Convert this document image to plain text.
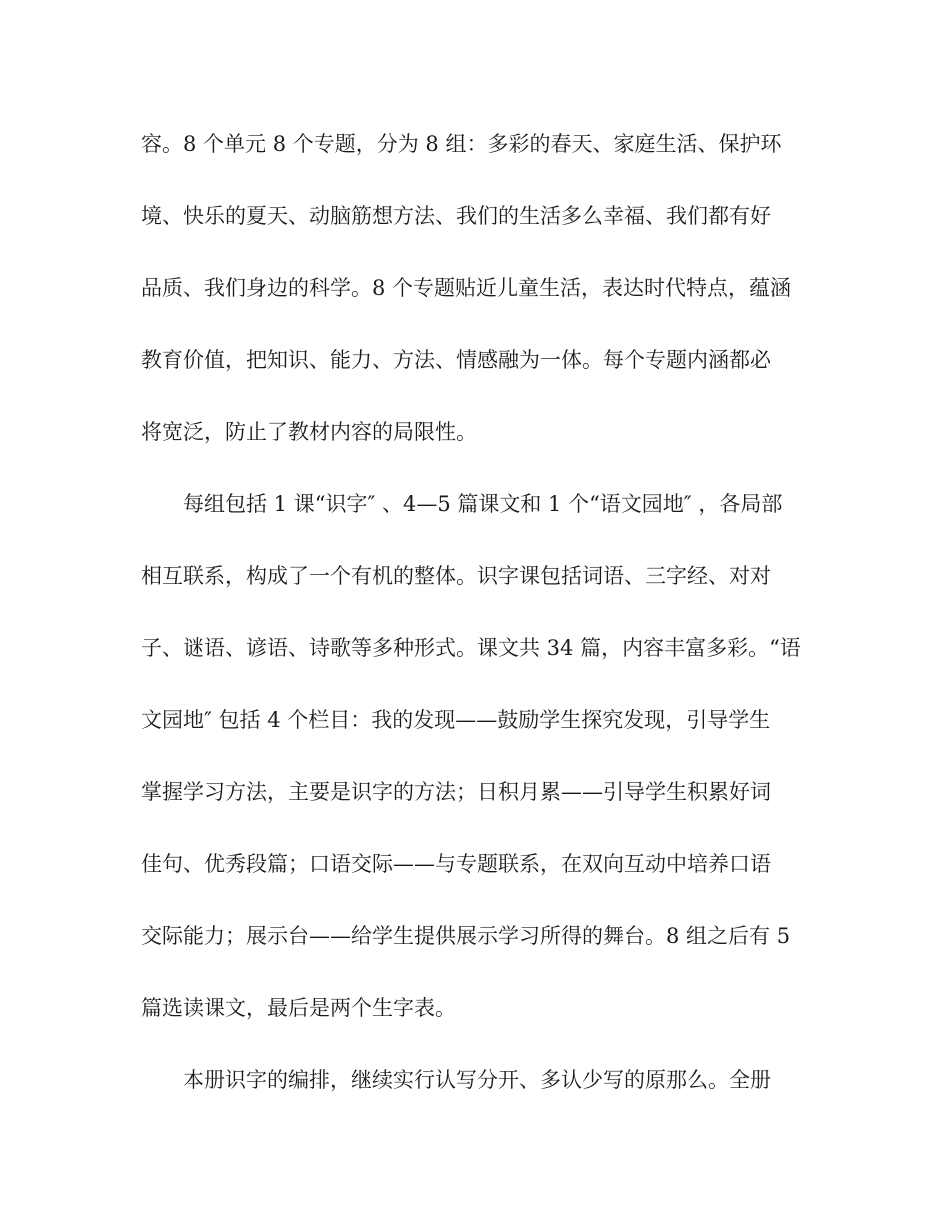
容。8 个单元 8 个专题，分为 8 组：多彩的春天、家庭生活、保护环
境、快乐的夏天、动脑筋想方法、我们的生活多么幸福、我们都有好
品质、我们身边的科学。8 个专题贴近儿童生活，表达时代特点，蕴涵
教育价值，把知识、能力、方法、情感融为一体。每个专题内涵都必
将宽泛，防止了教材内容的局限性。
每组包括 1 课“识字″ 、4—5 篇课文和 1 个“语文园地″ ，各局部
相互联系，构成了一个有机的整体。识字课包括词语、三字经、对对
子、谜语、谚语、诗歌等多种形式。课文共 34 篇，内容丰富多彩。“语
文园地″ 包括 4 个栏目：我的发现——鼓励学生探究发现，引导学生
掌握学习方法，主要是识字的方法；日积月累——引导学生积累好词
佳句、优秀段篇；口语交际——与专题联系，在双向互动中培养口语
交际能力；展示台——给学生提供展示学习所得的舞台。8 组之后有 5
篇选读课文，最后是两个生字表。
本册识字的编排，继续实行认写分开、多认少写的原那么。全册
